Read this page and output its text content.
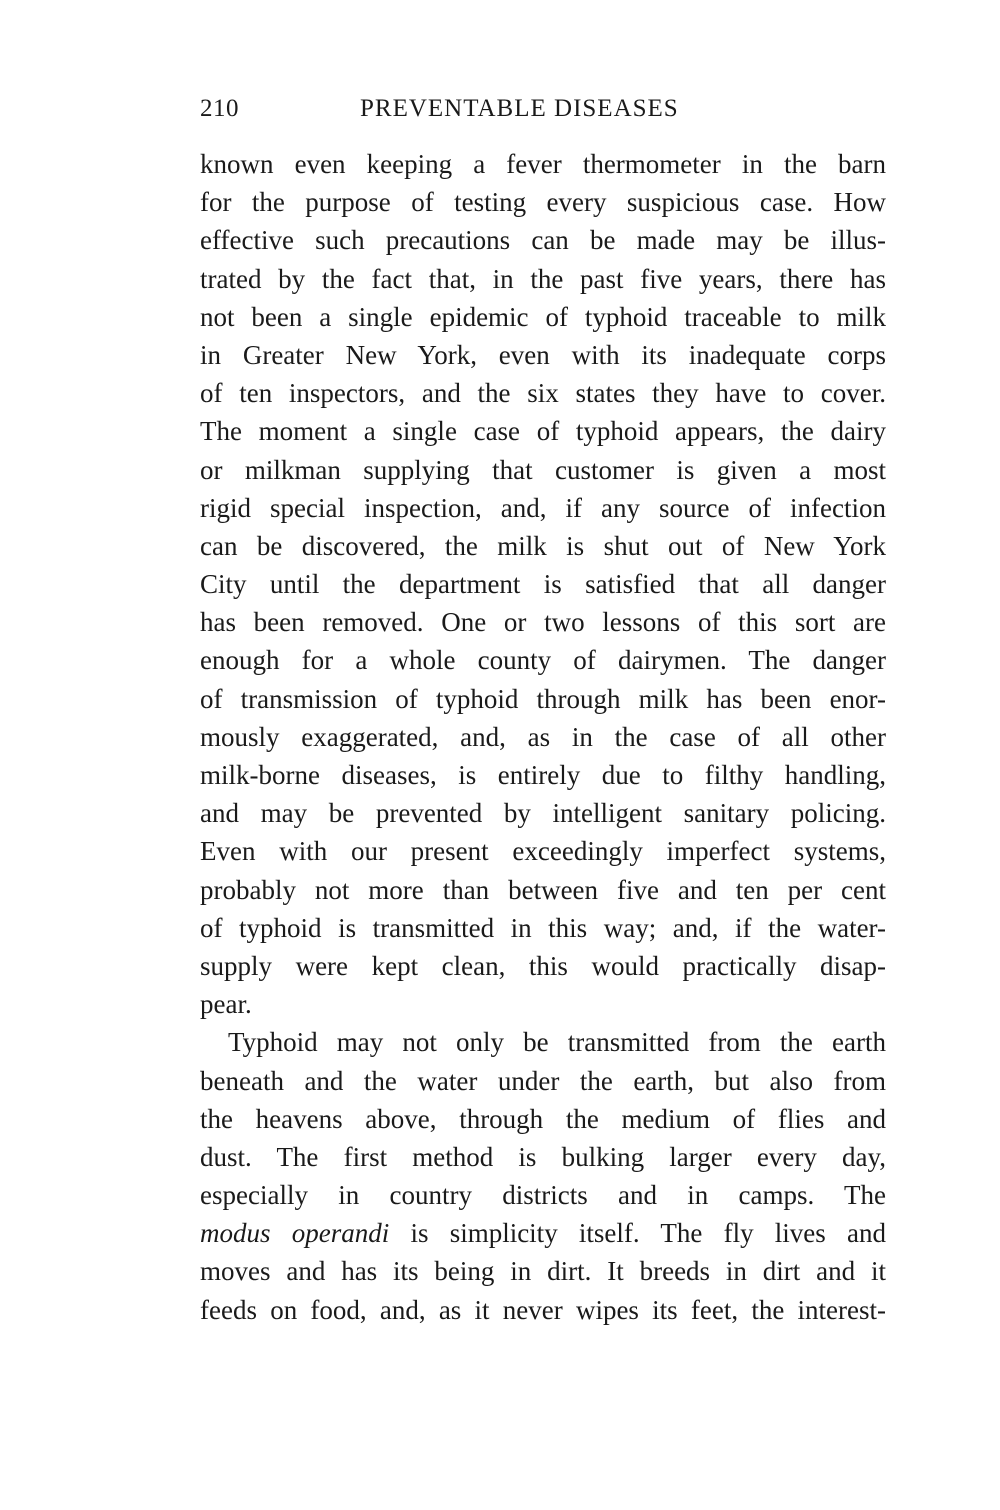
210	PREVENTABLE DISEASES
known even keeping a fever thermometer in the barn
for the purpose of testing every suspicious case. How
effective such precautions can be made may be illus-
trated by the fact that, in the past five years, there has
not been a single epidemic of typhoid traceable to milk
in Greater New York, even with its inadequate corps
of ten inspectors, and the six states they have to cover.
The moment a single case of typhoid appears, the dairy
or milkman supplying that customer is given a most
rigid special inspection, and, if any source of infection
can be discovered, the milk is shut out of New York
City until the department is satisfied that all danger
has been removed. One or two lessons of this sort are
enough for a whole county of dairymen. The danger
of transmission of typhoid through milk has been enor-
mously exaggerated, and, as in the case of all other
milk-borne diseases, is entirely due to filthy handling,
and may be prevented by intelligent sanitary policing.
Even with our present exceedingly imperfect systems,
probably not more than between five and ten per cent
of typhoid is transmitted in this way; and, if the water-
supply were kept clean, this would practically disap-
pear.
Typhoid may not only be transmitted from the earth
beneath and the water under the earth, but also from
the heavens above, through the medium of flies and
dust. The first method is bulking larger every day,
especially in country districts and in camps. The
modus operandi is simplicity itself. The fly lives and
moves and has its being in dirt. It breeds in dirt and it
feeds on food, and, as it never wipes its feet, the interest-
